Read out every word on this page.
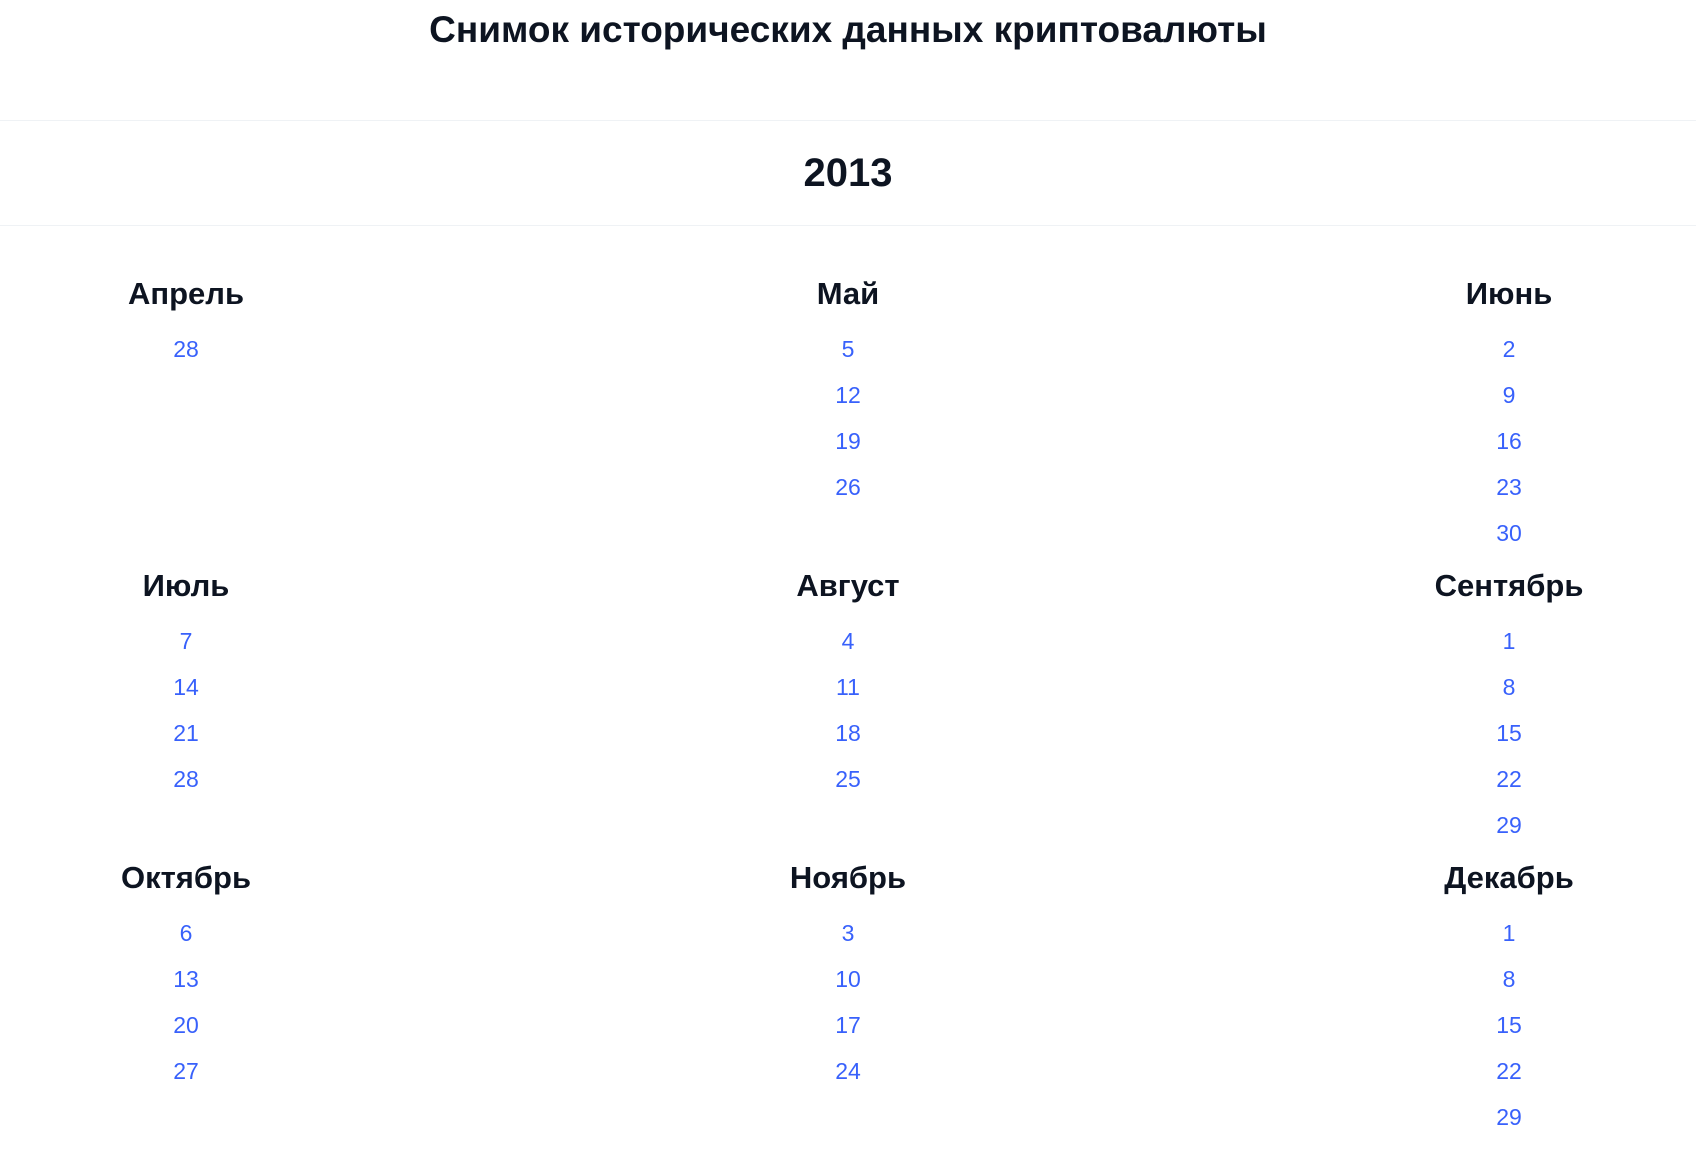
Снимок исторических данных криптовалюты
2013
Апрель
28
Май
5
12
19
26
Июнь
2
9
16
23
30
Июль
7
14
21
28
Август
4
11
18
25
Сентябрь
1
8
15
22
29
Октябрь
6
13
20
27
Ноябрь
3
10
17
24
Декабрь
1
8
15
22
29
